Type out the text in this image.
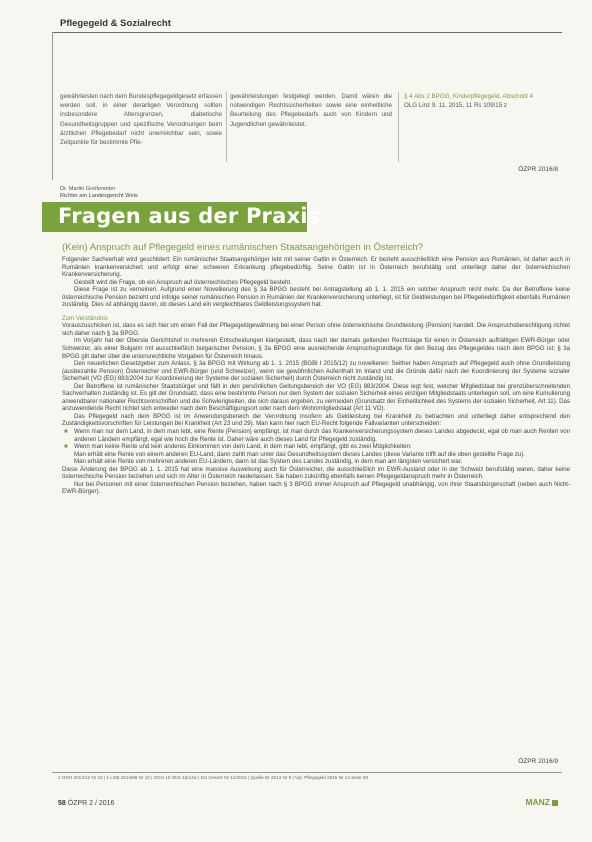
Pflegegeld & Sozialrecht

gewährleisten nach dem Bundespflegegeldgesetz erfassen werden soll, in einer derartigen Verordnung sollten insbesondere Altersgrenzen, diabetische Gesundheitsgruppen und spezifische Verordnungen beim ärztlichen Pflegebedarf nicht unerreichbar sein, sowie Zeitpunkte für bestimmte Pfle-

gewährleistungen festgelegt werden. Damit wären die notwendigen Rechtssicherheiten sowie eine einheitliche Beurteilung des Pflegebedarfs auch von Kindern und Jugendlichen gewährleistet.

§ 4 Abs 2 BPGG, Kinderpflegegeld, Abschnitt 4
OLG Linz 9. 11. 2015, 11 Rs 109/15 z
ÖZPR 2016/8
Dr. Martin Greifeneder
Richter am Landesgericht Wels
Fragen aus der Praxis
(Kein) Anspruch auf Pflegegeld eines rumänischen Staatsangehörigen in Österreich?

Folgender Sachverhalt wird geschildert: Ein rumänischer Staatsangehöriger lebt mit seiner Gattin in Österreich. Er bezieht ausschließlich eine Pension aus Rumänien, ist daher auch in Rumänien krankenversichert und erfolgt einer schweren Erkrankung pflegebedürftig. Seine Gattin ist in Österreich berufstätig und unterliegt daher der österreichischen Krankenversicherung.

Gestellt wird die Frage, ob ein Anspruch auf österreichisches Pflegegeld besteht.

Diese Frage ist zu verneinen. Aufgrund einer Novellierung des § 3a BPGG besteht bei Antragstellung ab 1. 1. 2015 ein solcher Anspruch nicht mehr. Da der Betroffene keine österreichische Pension bezieht und infolge seiner rumänischen Pension in Rumänien der Krankenversicherung unterliegt, ist für Geldleistungen bei Pflegebedürftigkeit ebenfalls Rumänien zuständig. Dies ist abhängig davon, ob dieses Land ein vergleichbares Geldleistungssystem hat.

Zum Verständnis

Vorauszuschicken ist, dass es sich hier um einen Fall der Pflegegeldgewährung bei einer Person ohne österreichische Grundleistung (Pension) handelt. Die Anspruchsberechtigung richtet sich daher nach § 3a BPGG.

Im Vorjahr hat der Oberste Gerichtshof in mehreren Entscheidungen klargestellt, dass nach der damals geltenden Rechtslage für einen in Österreich aufhältigen EWR-Bürger oder Schweizer, als einer Bulgarin mit ausschließlich bulgarischer Pension, § 3a BPGG eine ausreichende Anspruchsgrundlage für den Bezug des Pflegegeldes nach dem BPGG ist; § 3a BPGG gilt daher über die unionsrechtliche Vorgaben für Österreich hinaus.

Den neuerlichen Gesetzgeber zum Anlass, § 3a BPGG mit Wirkung ab 1. 1. 2015 (BGBl I 2015/12) zu novellieren: Seither haben Anspruch auf Pflegegeld auch ohne Grundleistung (ausbezahlte Pension) Österreicher und EWR-Bürger (und Schweizer), wenn sie gewöhnlichen Aufenthalt im Inland und die Gründe dafür nach der Koordinierung der Systeme sozialer Sicherheit (VO (EG) 883/2004 zur Koordinierung der Systeme der sozialen Sicherheit) durch Österreich nicht zuständig ist.

Der Betroffene ist rumänischer Staatsbürger und fällt in den persönlichen Geltungsbereich der VO (EG) 883/2004. Diese legt fest, welcher Mitgliedstaat bei grenzüberschreitenden Sachverhalten zuständig ist. Es gilt der Grundsatz, dass eine bestimmte Person nur dem System der sozialen Sicherheit eines einzigen Mitgliedstaats unterliegen soll, um eine Kumulierung anwendbarer nationaler Rechtsvorschriften und die Schwierigkeiten, die sich daraus ergeben, zu vermeiden (Grundsatz der Einheitlichkeit des Systems der sozialen Sicherheit, Art 11). Das anzuwendende Recht richtet sich entweder nach dem Beschäftigungsort oder nach dem Wohnmitgliedstaat (Art 11 VO).

Das Pflegegeld nach dem BPGG ist im Anwendungsbereich der Verordnung insofern als Geldleistung bei Krankheit zu betrachten und unterliegt daher entsprechend den Zuständigkeitsvorschriften für Leistungen bei Krankheit (Art 23 und 29). Man kann hier nach EU-Recht folgende Fallvarianten unterscheiden:

■ Wenn man nur dem Land, in dem man lebt, eine Rente (Pension) empfängt, ist man durch das Krankenversicherungssystem dieses Landes abgedeckt, egal ob man auch Renten von anderen Ländern empfängt, egal wie hoch die Rente ist. Daher wäre auch dieses Land für Pflegegeld zuständig.
■ Wenn man keine Rente und kein anderes Einkommen von dem Land, in dem man lebt, empfängt, gibt es zwei Möglichkeiten:
Man erhält eine Rente von einem anderen EU-Land, dann zahlt man unter das Gesundheitssystem dieses Landes (diese Variante trifft auf die oben gestellte Frage zu).
Man erhält eine Rente von mehreren anderen EU-Ländern, dann ist das System des Landes zuständig, in dem man am längsten versichert war.

Diese Änderung der BPGG ab 1. 1. 2015 hat eine massive Auswirkung auch für Österreicher, die ausschließlich im EWR-Ausland oder in der Schweiz berufstätig waren, daher keine österreichische Pension beziehen und sich im Alter in Österreich niederlassen. Sie haben zukünftig ebenfalls keinen Pflegegeldanspruch mehr in Österreich.

Nur bei Personen mit einer österreichischen Pension beziehen, haben nach § 3 BPGG immer Anspruch auf Pflegegeld unabhängig, von ihrer Staatsbürgerschaft (neben auch Nicht-EWR-Bürger).

ÖZPR 2016/9
1 OGH 2013/12 Nr 10 | 1 LGB 2014/86 Nr 10 | OGH 10 ObS 15/14w | EU Gesetz Nr 11/2015 | Quelle Nr 2013 Nr 9 | Vgl. Pflegegeld 2015 Nr 14 Seite 30
58 ÖZPR 2 / 2016	MANZ
